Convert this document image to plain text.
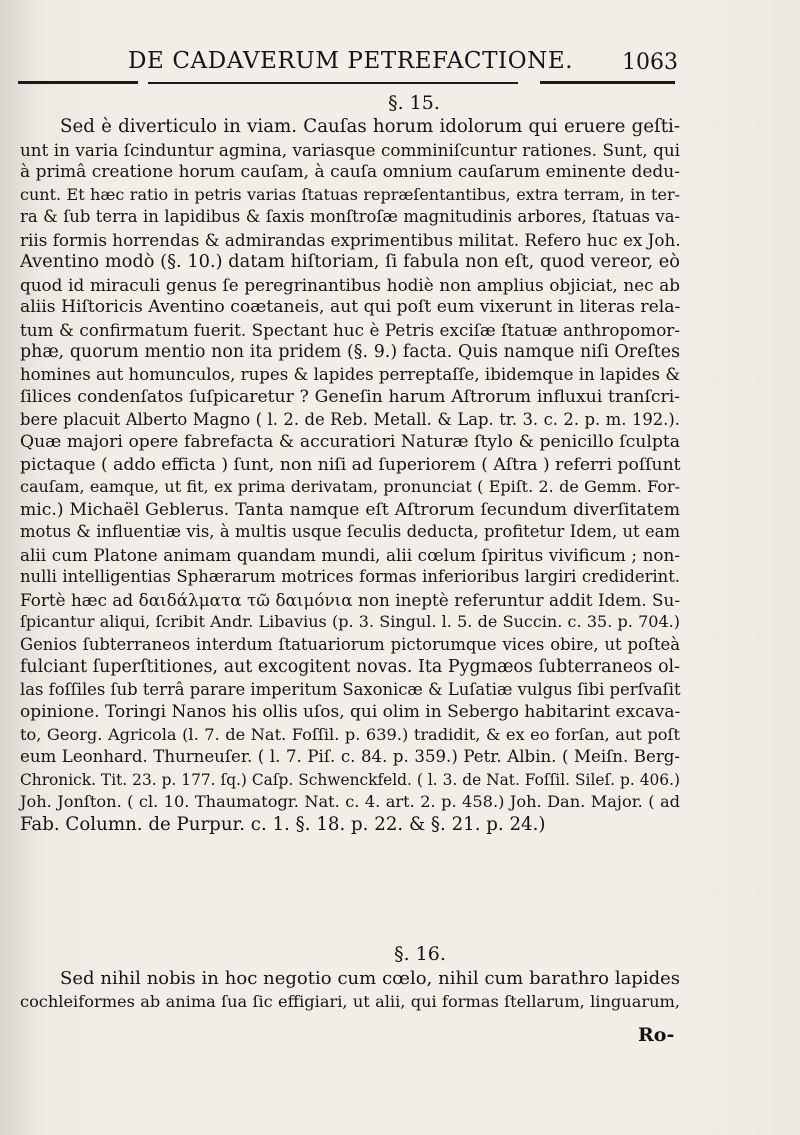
DE CADAVERUM PETREFACTIONE. 1063
§. 15.
Sed è diverticulo in viam. Cauſas horum idolorum qui eruere geſti-
unt in varia ſcinduntur agmina, variasque comminiſcuntur rationes. Sunt, qui
à primâ creatione horum cauſam, à cauſa omnium cauſarum eminente dedu-
cunt. Et hæc ratio in petris varias ſtatuas repræſentantibus, extra terram, in ter-
ra & ſub terra in lapidibus & ſaxis monſtroſæ magnitudinis arbores, ſtatuas va-
riis formis horrendas & admirandas exprimentibus militat. Refero huc ex Joh.
Aventino modò (§. 10.) datam hiſtoriam, ſi fabula non eſt, quod vereor, eò
quod id miraculi genus ſe peregrinantibus hodiè non amplius objiciat, nec ab
aliis Hiſtoricis Aventino coætaneis, aut qui poſt eum vixerunt in literas rela-
tum & confirmatum fuerit. Spectant huc è Petris exciſæ ſtatuæ anthropomor-
phæ, quorum mentio non ita pridem (§. 9.) facta. Quis namque niſi Oreſtes
homines aut homunculos, rupes & lapides perreptaſſe, ibidemque in lapides &
ſilices condenſatos ſuſpicaretur ? Geneſin harum Aſtrorum influxui tranſcri-
bere placuit Alberto Magno ( l. 2. de Reb. Metall. & Lap. tr. 3. c. 2. p. m. 192.).
Quæ majori opere fabrefacta & accuratiori Naturæ ſtylo & penicillo ſculpta
pictaque ( addo efficta ) ſunt, non niſi ad ſuperiorem ( Aſtra ) referri poſſunt
cauſam, eamque, ut fit, ex prima derivatam, pronunciat ( Epiſt. 2. de Gemm. For-
mic.) Michaël Geblerus. Tanta namque eſt Aſtrorum ſecundum diverſitatem
motus & influentiæ vis, à multis usque ſeculis deducta, profitetur Idem, ut eam
alii cum Platone animam quandam mundi, alii cœlum ſpiritus vivificum ; non-
nulli intelligentias Sphærarum motrices formas inferioribus largiri crediderint.
Fortè hæc ad δαιδάλματα τῶ δαιμόνια non ineptè referuntur addit Idem. Su-
ſpicantur aliqui, ſcribit Andr. Libavius (p. 3. Singul. l. 5. de Succin. c. 35. p. 704.)
Genios ſubterraneos interdum ſtatuariorum pictorumque vices obire, ut poſteà
fulciant ſuperſtitiones, aut excogitent novas. Ita Pygmæos ſubterraneos ol-
las foſſiles ſub terrâ parare imperitum Saxonicæ & Luſatiæ vulgus ſibi perſvaſit
opinione. Toringi Nanos his ollis uſos, qui olim in Sebergo habitarint excava-
to, Georg. Agricola (l. 7. de Nat. Foſſil. p. 639.) tradidit, & ex eo forſan, aut poſt
eum Leonhard. Thurneuſer. ( l. 7. Piſ. c. 84. p. 359.) Petr. Albin. ( Meiſn. Berg-
Chronick. Tit. 23. p. 177. ſq.) Caſp. Schwenckfeld. ( l. 3. de Nat. Foſſil. Sileſ. p. 406.)
Joh. Jonſton. ( cl. 10. Thaumatogr. Nat. c. 4. art. 2. p. 458.) Joh. Dan. Major. ( ad
Fab. Column. de Purpur. c. 1. §. 18. p. 22. & §. 21. p. 24.)
§. 16.
Sed nihil nobis in hoc negotio cum cœlo, nihil cum barathro lapides
cochleiformes ab anima ſua ſic effigiari, ut alii, qui formas ſtellarum, linguarum,
Ro-
